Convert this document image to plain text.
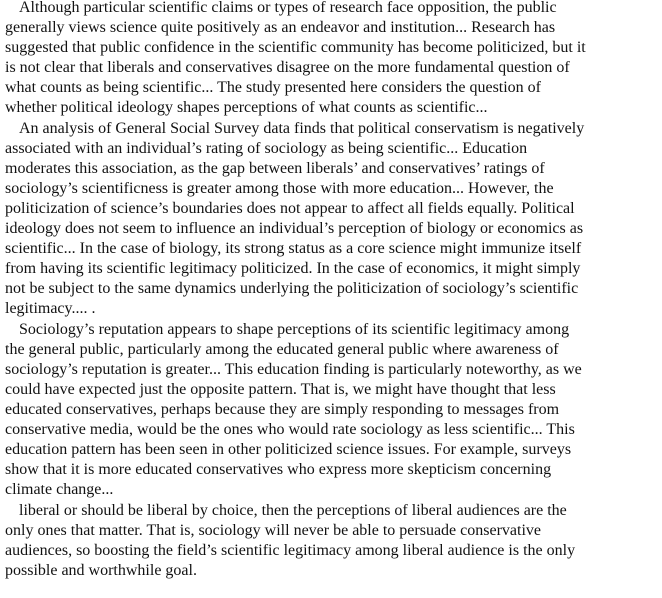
Although particular scientific claims or types of research face opposition, the public
generally views science quite positively as an endeavor and institution... Research has
suggested that public confidence in the scientific community has become politicized, but it
is not clear that liberals and conservatives disagree on the more fundamental question of
what counts as being scientific... The study presented here considers the question of
whether political ideology shapes perceptions of what counts as scientific...
An analysis of General Social Survey data finds that political conservatism is negatively
associated with an individual’s rating of sociology as being scientific... Education
moderates this association, as the gap between liberals’ and conservatives’ ratings of
sociology’s scientificness is greater among those with more education... However, the
politicization of science’s boundaries does not appear to affect all fields equally. Political
ideology does not seem to influence an individual’s perception of biology or economics as
scientific... In the case of biology, its strong status as a core science might immunize itself
from having its scientific legitimacy politicized. In the case of economics, it might simply
not be subject to the same dynamics underlying the politicization of sociology’s scientific
legitimacy.... .
Sociology’s reputation appears to shape perceptions of its scientific legitimacy among
the general public, particularly among the educated general public where awareness of
sociology’s reputation is greater... This education finding is particularly noteworthy, as we
could have expected just the opposite pattern. That is, we might have thought that less
educated conservatives, perhaps because they are simply responding to messages from
conservative media, would be the ones who would rate sociology as less scientific... This
education pattern has been seen in other politicized science issues. For example, surveys
show that it is more educated conservatives who express more skepticism concerning
climate change...
liberal or should be liberal by choice, then the perceptions of liberal audiences are the
only ones that matter. That is, sociology will never be able to persuade conservative
audiences, so boosting the field’s scientific legitimacy among liberal audience is the only
possible and worthwhile goal.
